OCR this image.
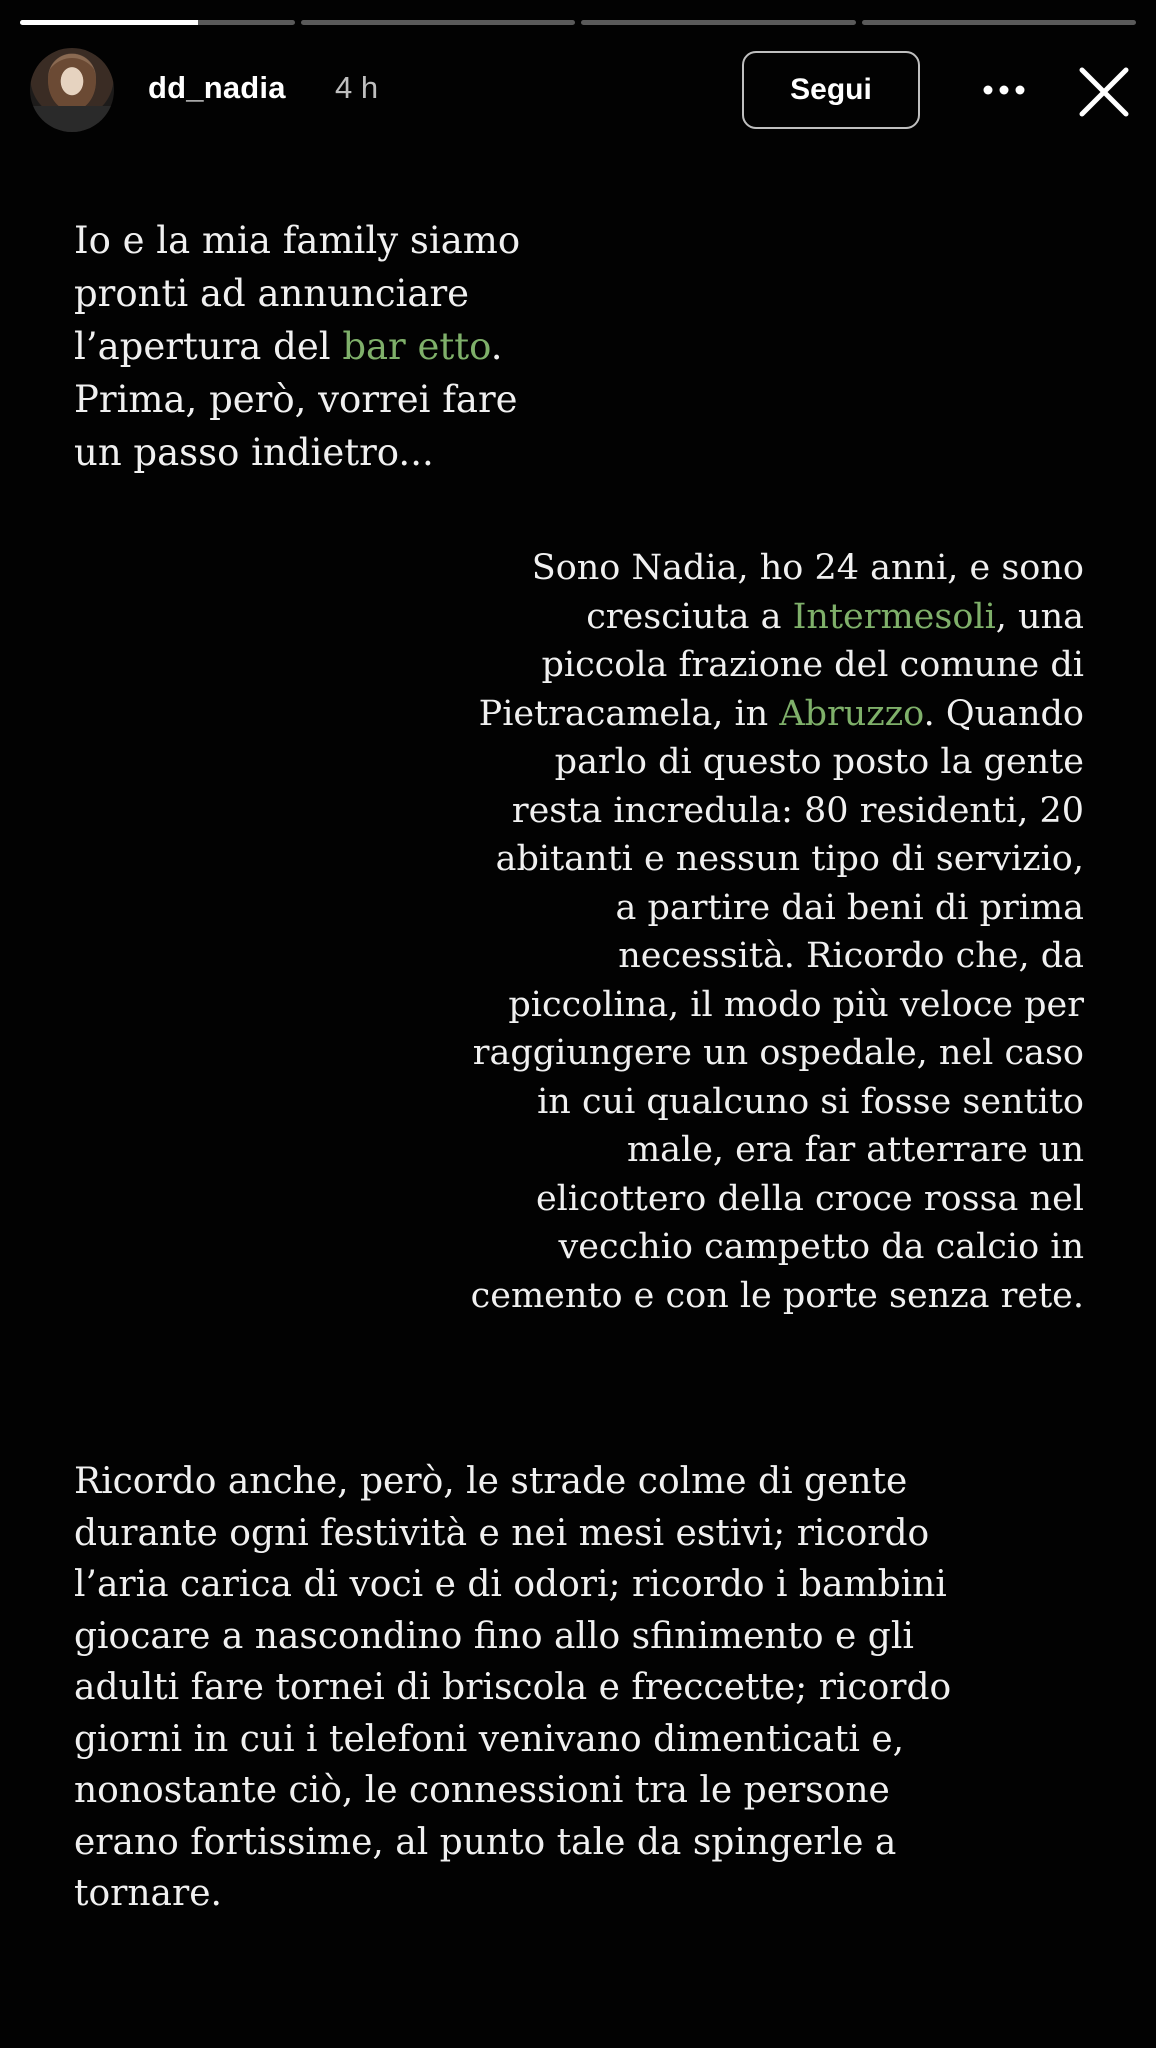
dd_nadia 4 h	Segui

Io e la mia family siamo pronti ad annunciare l’apertura del bar etto. Prima, però, vorrei fare un passo indietro...

Sono Nadia, ho 24 anni, e sono cresciuta a Intermesoli, una piccola frazione del comune di Pietracamela, in Abruzzo. Quando parlo di questo posto la gente resta incredula: 80 residenti, 20 abitanti e nessun tipo di servizio, a partire dai beni di prima necessità. Ricordo che, da piccolina, il modo più veloce per raggiungere un ospedale, nel caso in cui qualcuno si fosse sentito male, era far atterrare un elicottero della croce rossa nel vecchio campetto da calcio in cemento e con le porte senza rete.

Ricordo anche, però, le strade colme di gente durante ogni festività e nei mesi estivi; ricordo l’aria carica di voci e di odori; ricordo i bambini giocare a nascondino fino allo sfinimento e gli adulti fare tornei di briscola e freccette; ricordo giorni in cui i telefoni venivano dimenticati e, nonostante ciò, le connessioni tra le persone erano fortissime, al punto tale da spingerle a tornare.
